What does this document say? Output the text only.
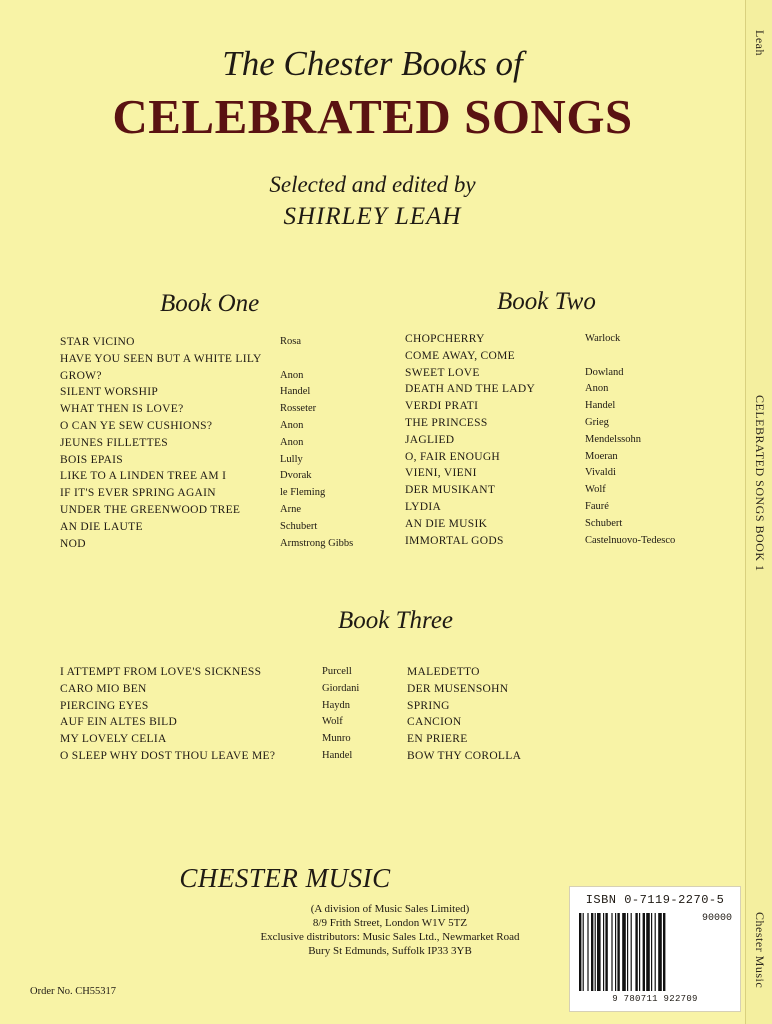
Leah
CELEBRATED SONGS BOOK 1
Chester Music
The Chester Books of
CELEBRATED SONGS
Selected and edited by
SHIRLEY LEAH
Book One	Book Two
Book Three
STAR VICINO	Rosa
HAVE YOU SEEN BUT A WHITE LILY GROW?	Anon
SILENT WORSHIP	Handel
WHAT THEN IS LOVE?	Rosseter
O CAN YE SEW CUSHIONS?	Anon
JEUNES FILLETTES	Anon
BOIS EPAIS	Lully
LIKE TO A LINDEN TREE AM I	Dvorak
IF IT'S EVER SPRING AGAIN	le Fleming
UNDER THE GREENWOOD TREE	Arne
AN DIE LAUTE	Schubert
NOD	Armstrong Gibbs
CHOPCHERRY	Warlock
COME AWAY, COME SWEET LOVE	Dowland
DEATH AND THE LADY	Anon
VERDI PRATI	Handel
THE PRINCESS	Grieg
JAGLIED	Mendelssohn
O, FAIR ENOUGH	Moeran
VIENI, VIENI	Vivaldi
DER MUSIKANT	Wolf
LYDIA	Fauré
AN DIE MUSIK	Schubert
IMMORTAL GODS	Castelnuovo-Tedesco
I ATTEMPT FROM LOVE'S SICKNESS	Purcell
CARO MIO BEN	Giordani
PIERCING EYES	Haydn
AUF EIN ALTES BILD	Wolf
MY LOVELY CELIA	Munro
O SLEEP WHY DOST THOU LEAVE ME?	Handel
MALEDETTO
DER MUSENSOHN
SPRING
CANCION
EN PRIERE
BOW THY COROLLA
CHESTER MUSIC
(A division of Music Sales Limited)
8/9 Frith Street, London W1V 5TZ
Exclusive distributors: Music Sales Ltd., Newmarket Road
Bury St Edmunds, Suffolk IP33 3YB
Order No. CH55317
ISBN 0-7119-2270-5
90000
9 780711 922709
